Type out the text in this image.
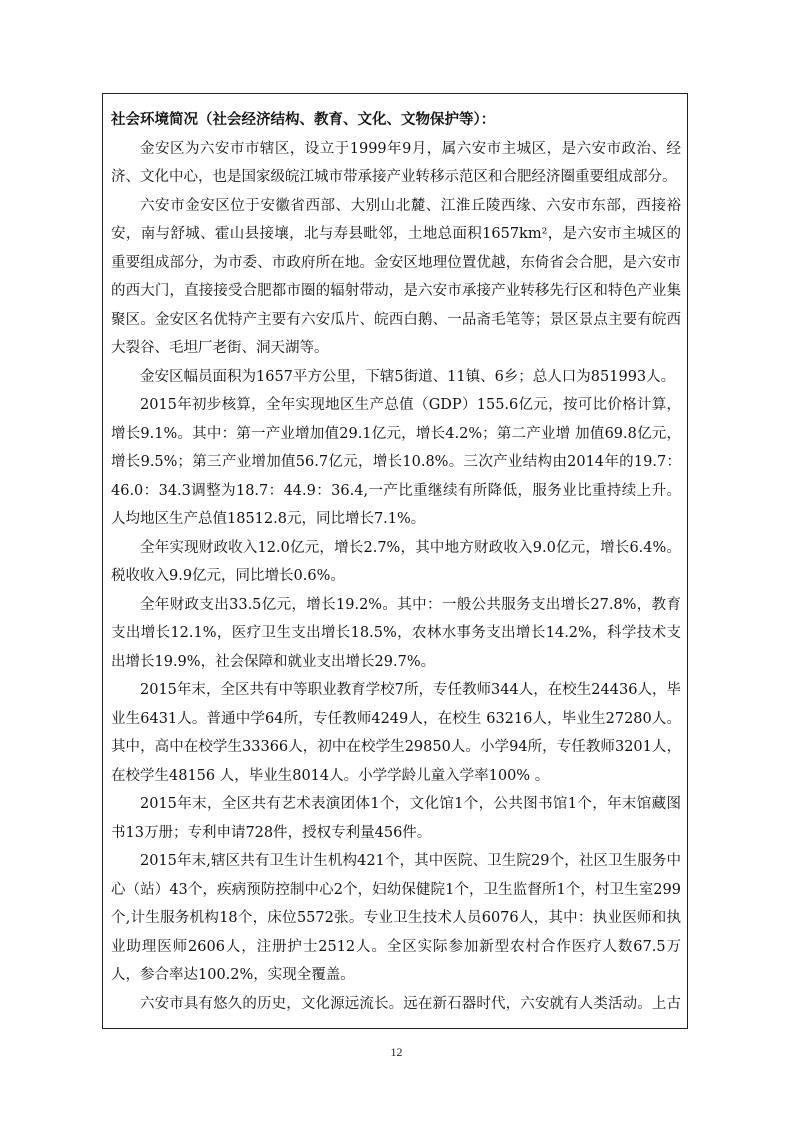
社会环境简况（社会经济结构、教育、文化、文物保护等）：

金安区为六安市市辖区，设立于1999年9月，属六安市主城区，是六安市政治、经济、文化中心，也是国家级皖江城市带承接产业转移示范区和合肥经济圈重要组成部分。

六安市金安区位于安徽省西部、大别山北麓、江淮丘陵西缘、六安市东部，西接裕安，南与舒城、霍山县接壤，北与寿县毗邻，土地总面积1657km²，是六安市主城区的重要组成部分，为市委、市政府所在地。金安区地理位置优越，东倚省会合肥，是六安市的西大门，直接接受合肥都市圈的辐射带动，是六安市承接产业转移先行区和特色产业集聚区。金安区名优特产主要有六安瓜片、皖西白鹅、一品斋毛笔等；景区景点主要有皖西大裂谷、毛坦厂老街、洞天湖等。

金安区幅员面积为1657平方公里，下辖5街道、11镇、6乡；总人口为851993人。

2015年初步核算，全年实现地区生产总值（GDP）155.6亿元，按可比价格计算，增长9.1%。其中：第一产业增加值29.1亿元，增长4.2%；第二产业增 加值69.8亿元，增长9.5%；第三产业增加值56.7亿元，增长10.8%。三次产业结构由2014年的19.7：46.0：34.3调整为18.7：44.9：36.4,一产比重继续有所降低，服务业比重持续上升。人均地区生产总值18512.8元，同比增长7.1%。

全年实现财政收入12.0亿元，增长2.7%，其中地方财政收入9.0亿元，增长6.4%。税收收入9.9亿元，同比增长0.6%。

全年财政支出33.5亿元，增长19.2%。其中：一般公共服务支出增长27.8%，教育支出增长12.1%，医疗卫生支出增长18.5%，农林水事务支出增长14.2%，科学技术支出增长19.9%，社会保障和就业支出增长29.7%。

2015年末，全区共有中等职业教育学校7所，专任教师344人，在校生24436人，毕业生6431人。普通中学64所，专任教师4249人，在校生 63216人，毕业生27280人。其中，高中在校学生33366人，初中在校学生29850人。小学94所，专任教师3201人，在校学生48156 人，毕业生8014人。小学学龄儿童入学率100% 。

2015年末，全区共有艺术表演团体1个，文化馆1个，公共图书馆1个，年末馆藏图书13万册；专利申请728件，授权专利量456件。

2015年末,辖区共有卫生计生机构421个，其中医院、卫生院29个，社区卫生服务中心（站）43个，疾病预防控制中心2个，妇幼保健院1个，卫生监督所1个，村卫生室299个,计生服务机构18个，床位5572张。专业卫生技术人员6076人，其中：执业医师和执业助理医师2606人，注册护士2512人。全区实际参加新型农村合作医疗人数67.5万人，参合率达100.2%，实现全覆盖。

六安市具有悠久的历史，文化源远流长。远在新石器时代，六安就有人类活动。上古

12
